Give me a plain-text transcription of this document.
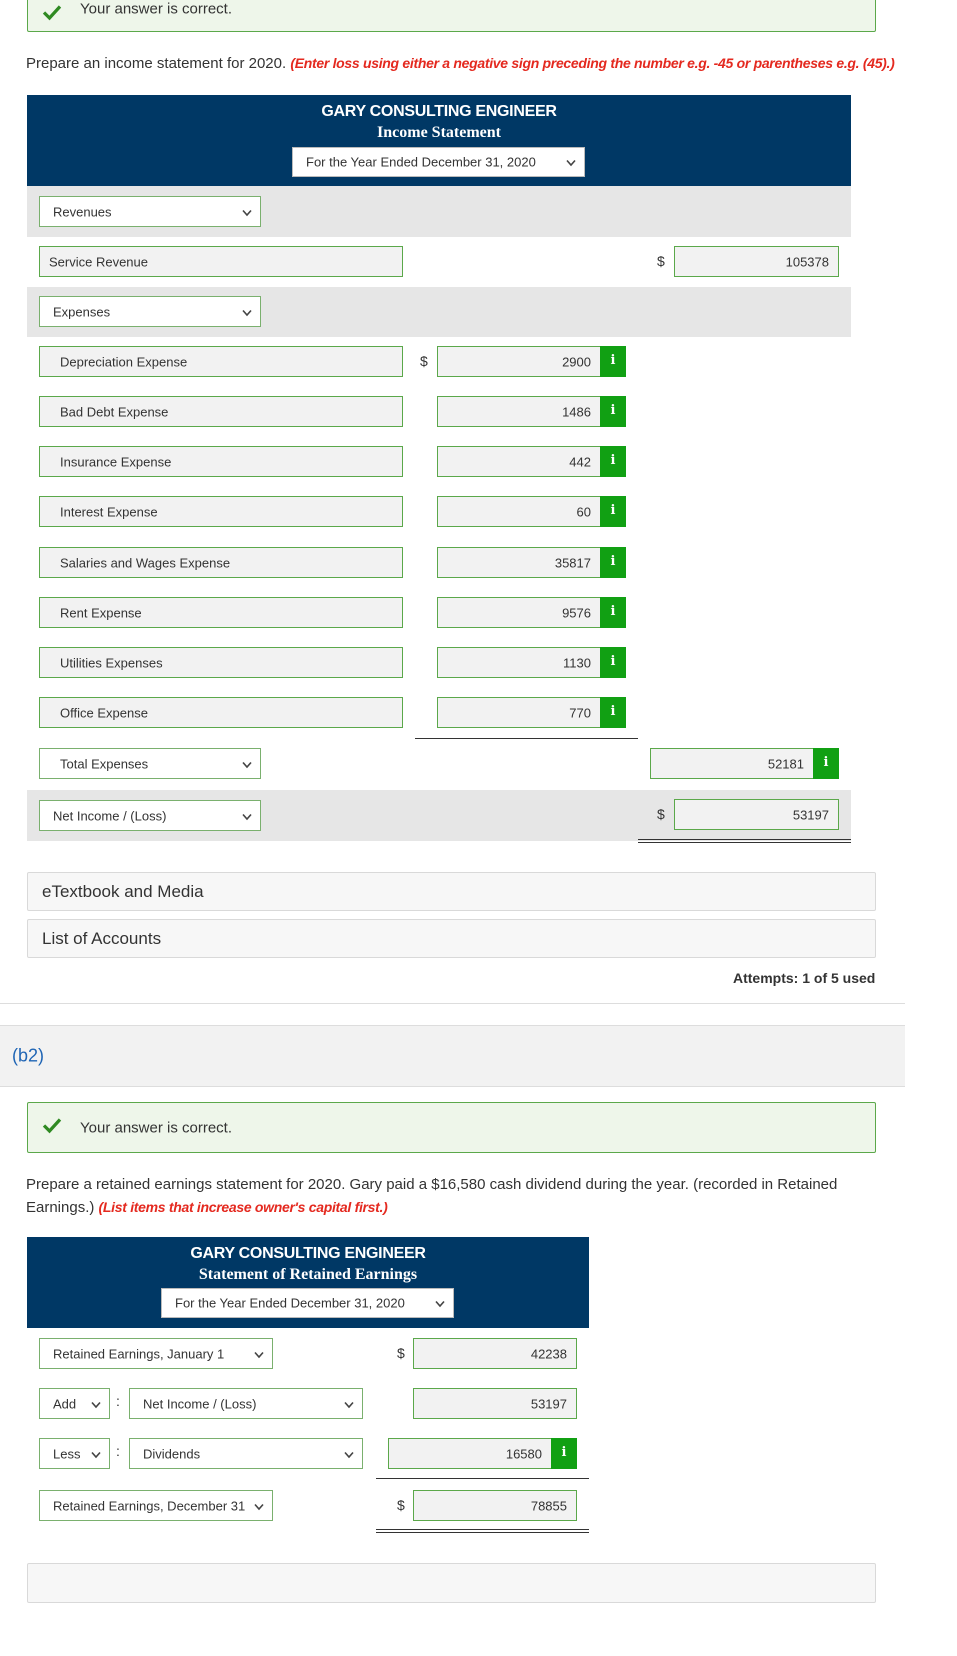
Your answer is correct.
Prepare an income statement for 2020. (Enter loss using either a negative sign preceding the number e.g. -45 or parentheses e.g. (45).)
GARY CONSULTING ENGINEER
Income Statement
For the Year Ended December 31, 2020
Revenues
Service Revenue	$	105378
Expenses
$
Depreciation Expense	2900	i
Bad Debt Expense	1486	i
Insurance Expense	442	i
Interest Expense	60	i
Salaries and Wages Expense	35817	i
Rent Expense	9576	i
Utilities Expenses	1130	i
Office Expense	770	i
Total Expenses	52181	i
Net Income / (Loss)	$	53197
eTextbook and Media
List of Accounts
Attempts: 1 of 5 used
(b2)
Your answer is correct.
Prepare a retained earnings statement for 2020. Gary paid a $16,580 cash dividend during the year. (recorded in Retained Earnings.) (List items that increase owner's capital first.)
GARY CONSULTING ENGINEER
Statement of Retained Earnings
For the Year Ended December 31, 2020
Retained Earnings, January 1	$	42238
Add	: Net Income / (Loss)	53197
Less	: Dividends	16580	i
Retained Earnings, December 31	$	78855
